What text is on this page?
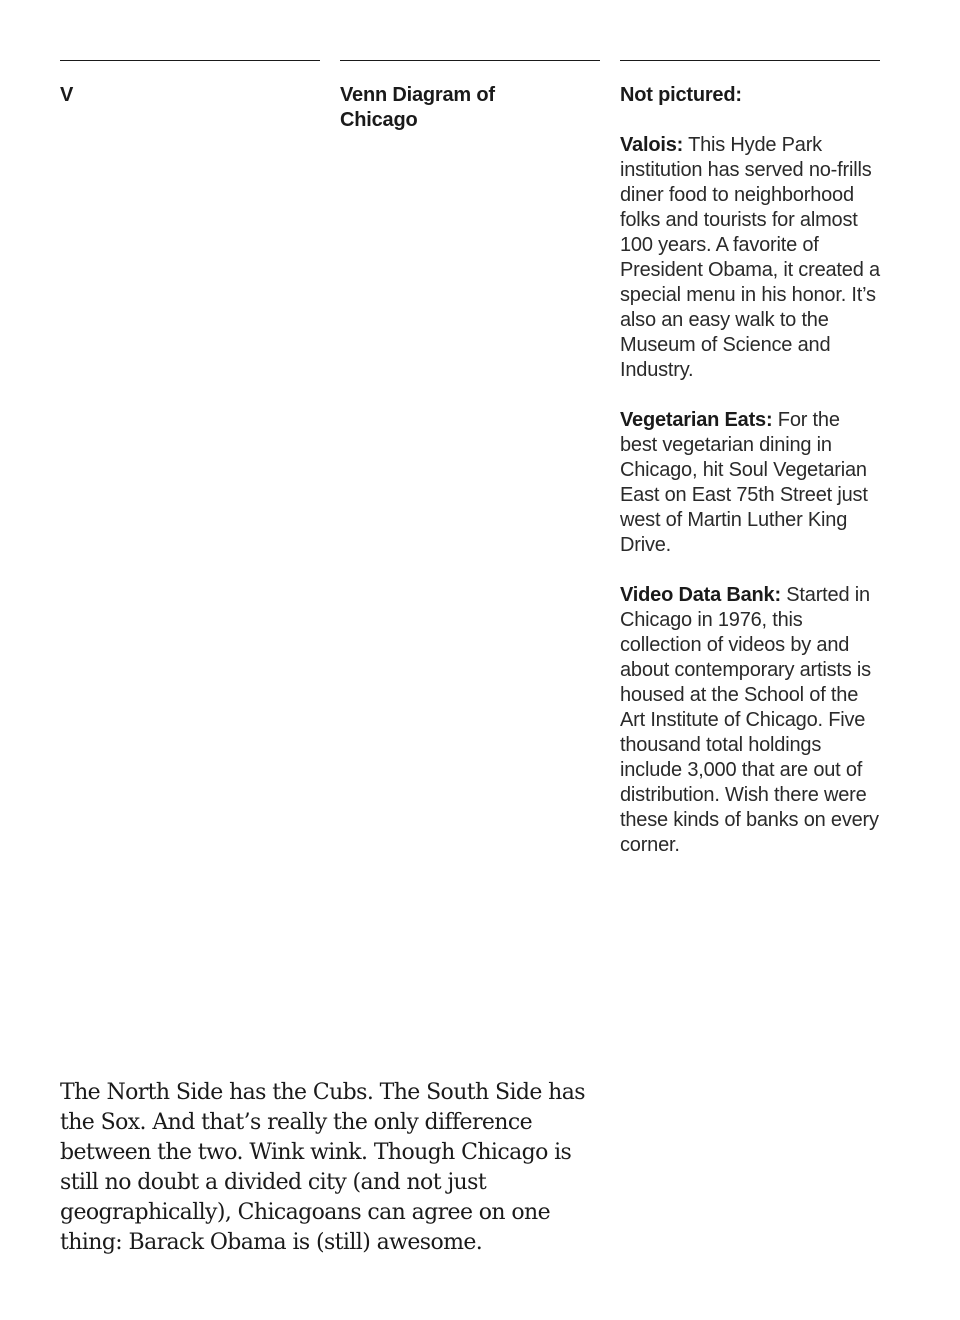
V	Venn Diagram of Chicago
Not pictured:

Valois: This Hyde Park institution has served no-frills diner food to neighborhood folks and tourists for almost 100 years. A favorite of President Obama, it created a special menu in his honor. It’s also an easy walk to the Museum of Science and Industry.

Vegetarian Eats: For the best vegetarian dining in Chicago, hit Soul Vegetarian East on East 75th Street just west of Martin Luther King Drive.

Video Data Bank: Started in Chicago in 1976, this collection of videos by and about contemporary artists is housed at the School of the Art Institute of Chicago. Five thousand total holdings include 3,000 that are out of distribution. Wish there were these kinds of banks on every corner.

The North Side has the Cubs. The South Side has the Sox. And that’s really the only difference between the two. Wink wink. Though Chicago is still no doubt a divided city (and not just geographically), Chicagoans can agree on one thing: Barack Obama is (still) awesome.
